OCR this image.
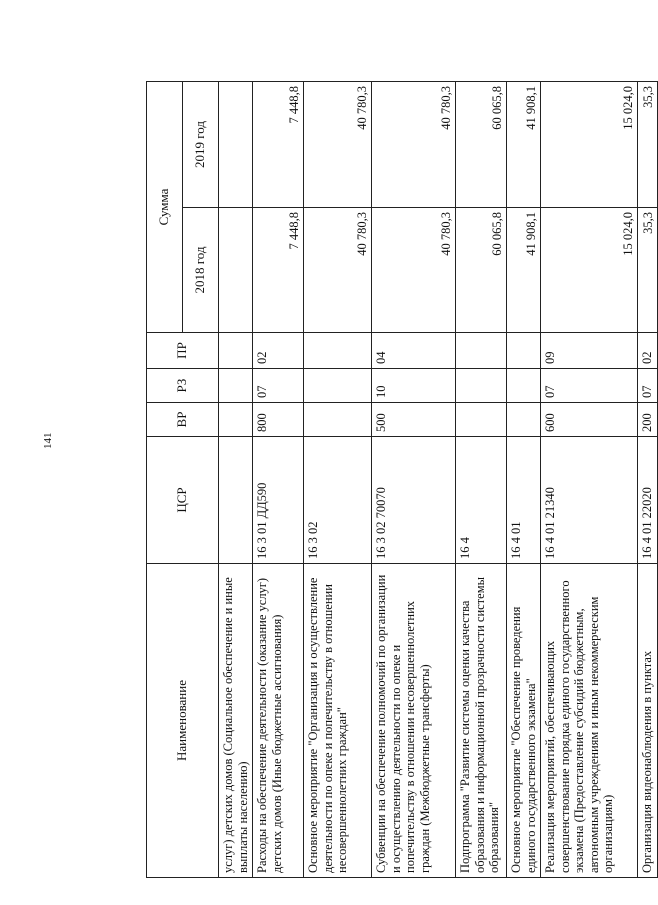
141
Наименование	ЦСР	ВР	РЗ	ПР	Сумма	
					2018 год	2019 год
услуг) детских домов (Социальное обеспечение и иные выплаты населению)						
Расходы на обеспечение деятельности (оказание услуг) детских домов (Иные бюджетные ассигнования)	16 3 01 ДД590	800	07	02	7 448,8	7 448,8
Основное мероприятие "Организация и осуществление деятельности по опеке и попечительству в отношении несовершеннолетних граждан"	16 3 02				40 780,3	40 780,3
Субвенции на обеспечение полномочий по организации и осуществлению деятельности по опеке и попечительству в отношении несовершеннолетних граждан (Межбюджетные трансферты)	16 3 02 70070	500	10	04	40 780,3	40 780,3
Подпрограмма "Развитие системы оценки качества образования и информационной прозрачности системы образования"	16 4				60 065,8	60 065,8
Основное мероприятие "Обеспечение проведения единого государственного экзамена"	16 4 01				41 908,1	41 908,1
Реализация мероприятий, обеспечивающих совершенствование порядка единого государственного экзамена (Предоставление субсидий бюджетным, автономным учреждениям и иным некоммерческим организациям)	16 4 01 21340	600	07	09	15 024,0	15 024,0
Организация видеонаблюдения в пунктах	16 4 01 22020	200	07	02	35,3	35,3
